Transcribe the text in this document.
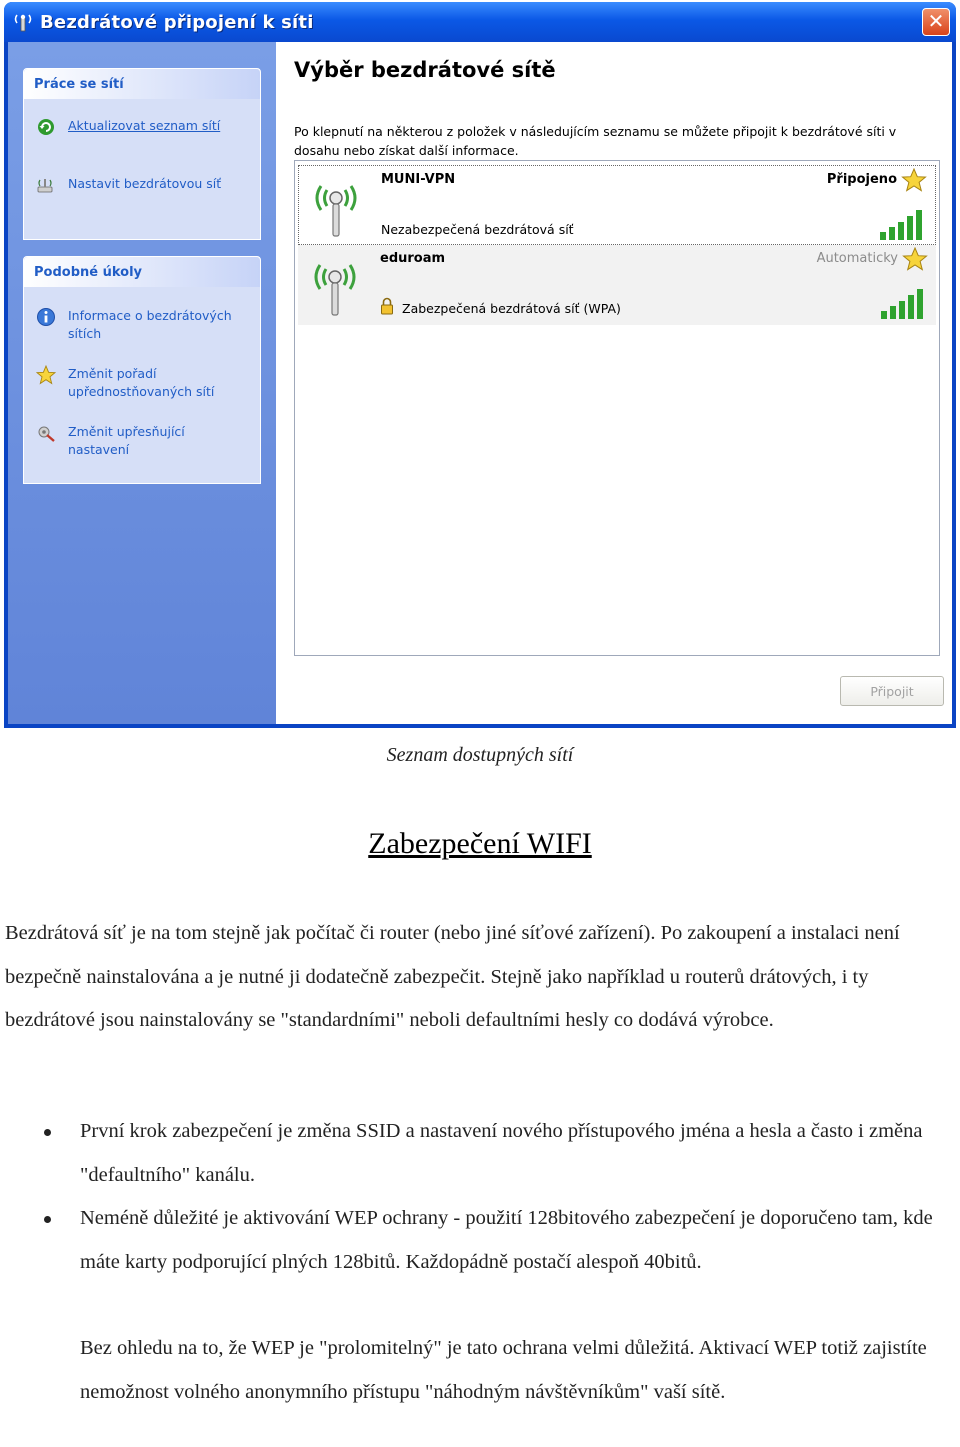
Bezdrátové připojení k síti	✕
Práce se sítí
Aktualizovat seznam sítí
Nastavit bezdrátovou síť
Podobné úkoly
Informace o bezdrátových sítích
Změnit pořadí upřednostňovaných sítí
Změnit upřesňující nastavení
Výběr bezdrátové sítě
Po klepnutí na některou z položek v následujícím seznamu se můžete připojit k bezdrátové síti v dosahu nebo získat další informace.
MUNI-VPN	Připojeno
Nezabezpečená bezdrátová síť
eduroam	Automaticky
Zabezpečená bezdrátová síť (WPA)
Připojit
Seznam dostupných sítí
Zabezpečení WIFI
Bezdrátová síť je na tom stejně jak počítač či router (nebo jiné síťové zařízení). Po zakoupení a instalaci není bezpečně nainstalována a je nutné ji dodatečně zabezpečit. Stejně jako například u routerů drátových, i ty bezdrátové jsou nainstalovány se "standardními" neboli defaultními hesly co dodává výrobce.
První krok zabezpečení je změna SSID a nastavení nového přístupového jména a hesla a často i změna "defaultního" kanálu.
Neméně důležité je aktivování WEP ochrany - použití 128bitového zabezpečení je doporučeno tam, kde máte karty podporující plných 128bitů. Každopádně postačí alespoň 40bitů.
Bez ohledu na to, že WEP je "prolomitelný" je tato ochrana velmi důležitá. Aktivací WEP totiž zajistíte nemožnost volného anonymního přístupu "náhodným návštěvníkům" vaší sítě.
